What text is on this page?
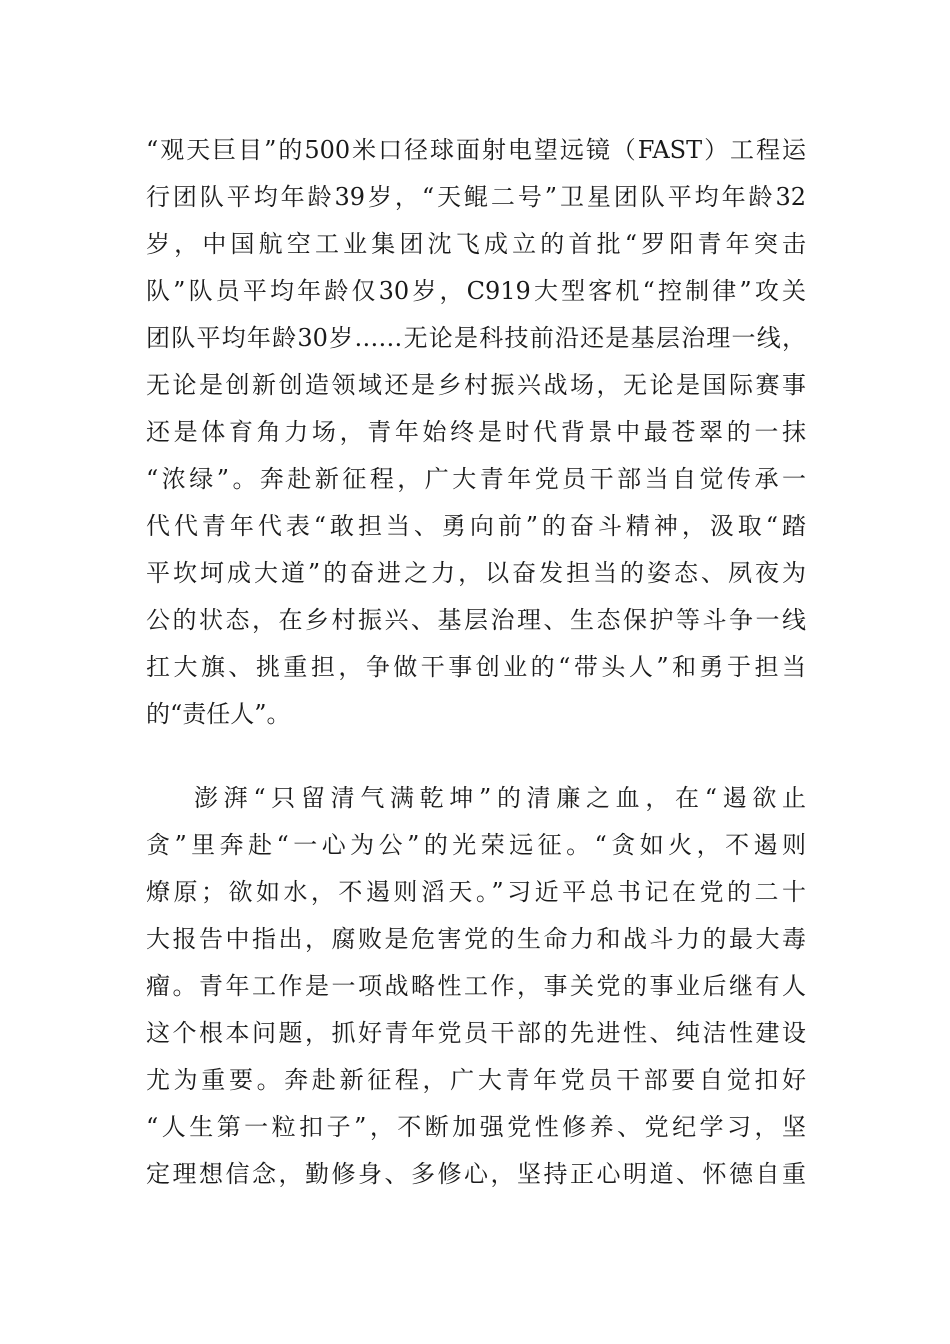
“观天巨目”的500米口径球面射电望远镜（FAST）工程运
行团队平均年龄39岁，“天鲲二号”卫星团队平均年龄32
岁，中国航空工业集团沈飞成立的首批“罗阳青年突击
队”队员平均年龄仅30岁，C919大型客机“控制律”攻关
团队平均年龄30岁……无论是科技前沿还是基层治理一线，
无论是创新创造领域还是乡村振兴战场，无论是国际赛事
还是体育角力场，青年始终是时代背景中最苍翠的一抹
“浓绿”。奔赴新征程，广大青年党员干部当自觉传承一
代代青年代表“敢担当、勇向前”的奋斗精神，汲取“踏
平坎坷成大道”的奋进之力，以奋发担当的姿态、夙夜为
公的状态，在乡村振兴、基层治理、生态保护等斗争一线
扛大旗、挑重担，争做干事创业的“带头人”和勇于担当
的“责任人”。
澎湃“只留清气满乾坤”的清廉之血，在“遏欲止
贪”里奔赴“一心为公”的光荣远征。“贪如火，不遏则
燎原；欲如水，不遏则滔天。”习近平总书记在党的二十
大报告中指出，腐败是危害党的生命力和战斗力的最大毒
瘤。青年工作是一项战略性工作，事关党的事业后继有人
这个根本问题，抓好青年党员干部的先进性、纯洁性建设
尤为重要。奔赴新征程，广大青年党员干部要自觉扣好
“人生第一粒扣子”，不断加强党性修养、党纪学习，坚
定理想信念，勤修身、多修心，坚持正心明道、怀德自重
